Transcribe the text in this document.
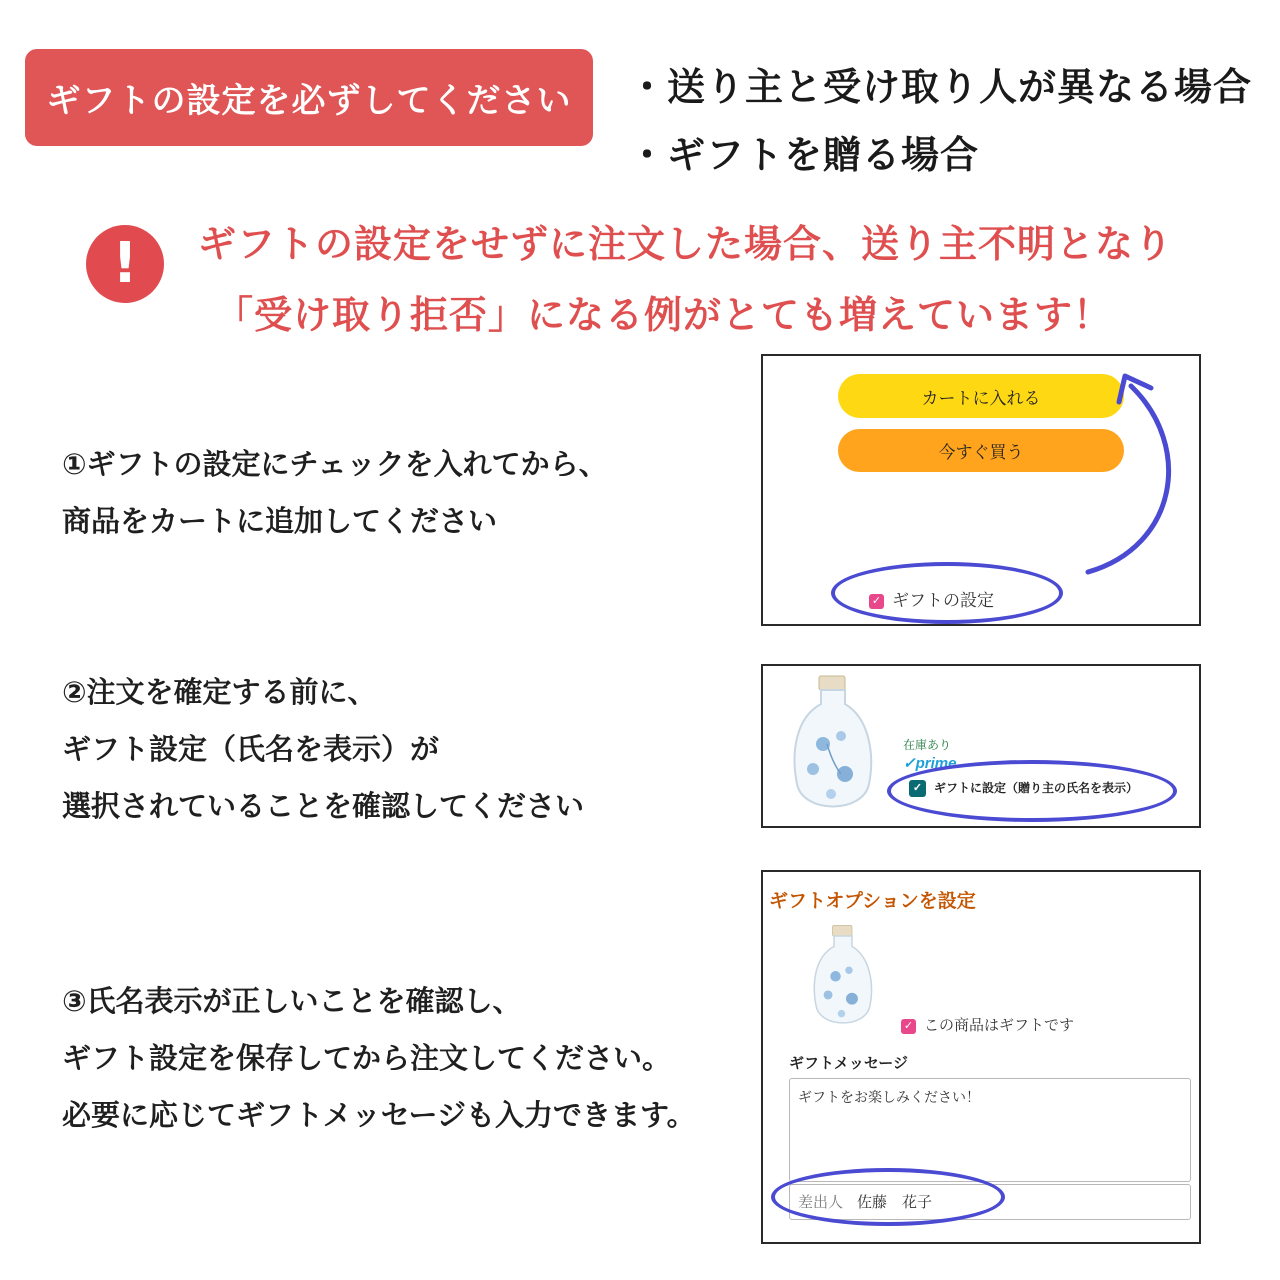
ギフトの設定を必ずしてください	・送り主と受け取り人が異なる場合
・ギフトを贈る場合
!	ギフトの設定をせずに注文した場合、送り主不明となり
「受け取り拒否」になる例がとても増えています！
①ギフトの設定にチェックを入れてから、
商品をカートに追加してください
②注文を確定する前に、
ギフト設定（氏名を表示）が
選択されていることを確認してください
③氏名表示が正しいことを確認し、
ギフト設定を保存してから注文してください。
必要に応じてギフトメッセージも入力できます。
カートに入れる
今すぐ買う
✓ ギフトの設定
在庫あり
✓prime
✓ ギフトに設定（贈り主の氏名を表示）
ギフトオプションを設定
✓ この商品はギフトです
ギフトメッセージ
ギフトをお楽しみください！
差出人 佐藤　花子
